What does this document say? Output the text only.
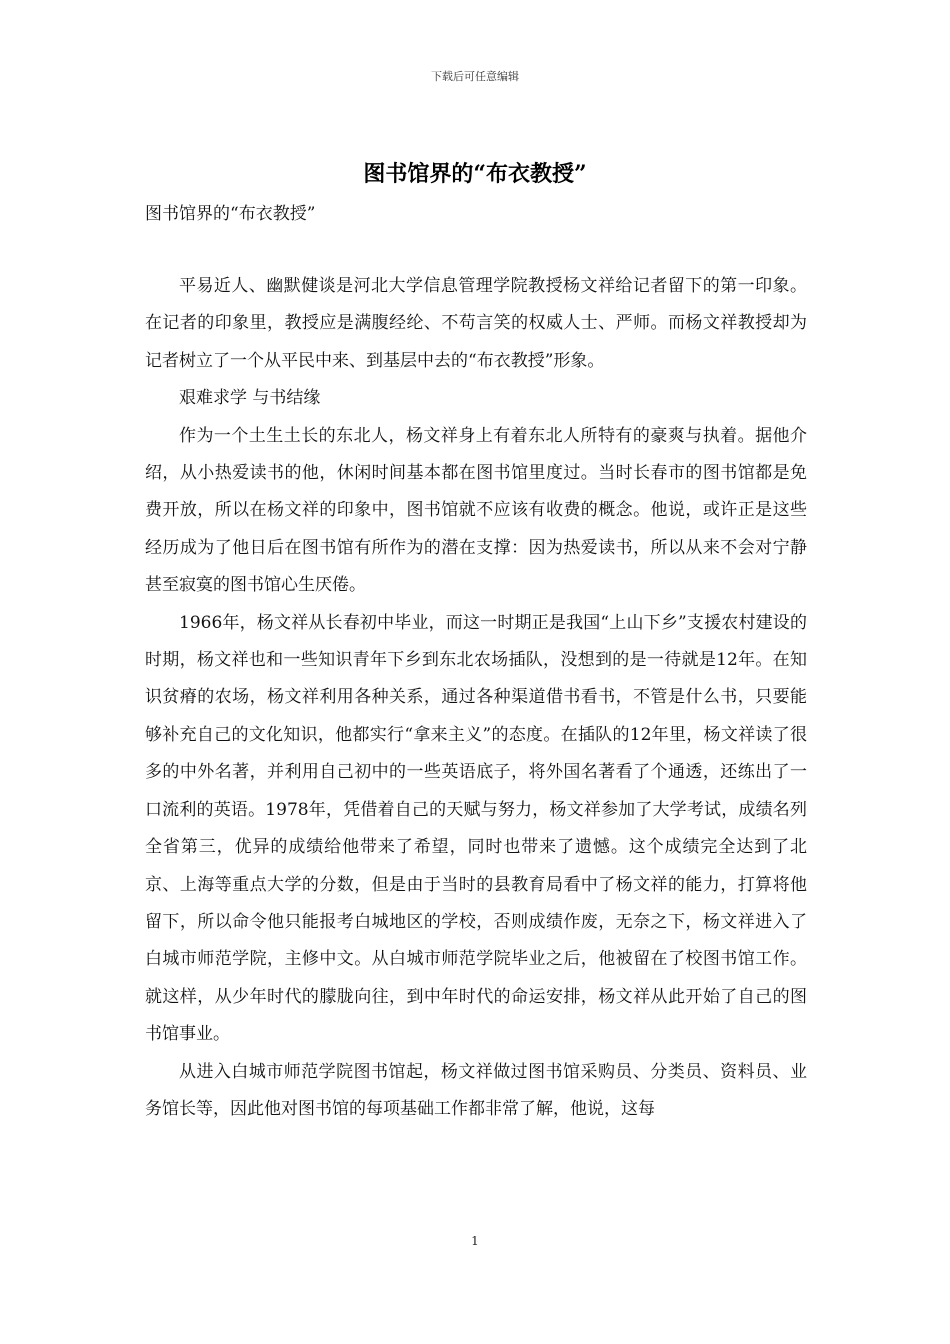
下载后可任意编辑
图书馆界的“布衣教授”
图书馆界的“布衣教授”

平易近人、幽默健谈是河北大学信息管理学院教授杨文祥给记者留下的第一印象。在记者的印象里，教授应是满腹经纶、不苟言笑的权威人士、严师。而杨文祥教授却为记者树立了一个从平民中来、到基层中去的“布衣教授”形象。

艰难求学 与书结缘

作为一个土生土长的东北人，杨文祥身上有着东北人所特有的豪爽与执着。据他介绍，从小热爱读书的他，休闲时间基本都在图书馆里度过。当时长春市的图书馆都是免费开放，所以在杨文祥的印象中，图书馆就不应该有收费的概念。他说，或许正是这些经历成为了他日后在图书馆有所作为的潜在支撑：因为热爱读书，所以从来不会对宁静甚至寂寞的图书馆心生厌倦。

1966年，杨文祥从长春初中毕业，而这一时期正是我国“上山下乡”支援农村建设的时期，杨文祥也和一些知识青年下乡到东北农场插队，没想到的是一待就是12年。在知识贫瘠的农场，杨文祥利用各种关系，通过各种渠道借书看书，不管是什么书，只要能够补充自己的文化知识，他都实行“拿来主义”的态度。在插队的12年里，杨文祥读了很多的中外名著，并利用自己初中的一些英语底子，将外国名著看了个通透，还练出了一口流利的英语。1978年，凭借着自己的天赋与努力，杨文祥参加了大学考试，成绩名列全省第三，优异的成绩给他带来了希望，同时也带来了遗憾。这个成绩完全达到了北京、上海等重点大学的分数，但是由于当时的县教育局看中了杨文祥的能力，打算将他留下，所以命令他只能报考白城地区的学校，否则成绩作废，无奈之下，杨文祥进入了白城市师范学院，主修中文。从白城市师范学院毕业之后，他被留在了校图书馆工作。就这样，从少年时代的朦胧向往，到中年时代的命运安排，杨文祥从此开始了自己的图书馆事业。

从进入白城市师范学院图书馆起，杨文祥做过图书馆采购员、分类员、资料员、业务馆长等，因此他对图书馆的每项基础工作都非常了解，他说，这每

1
